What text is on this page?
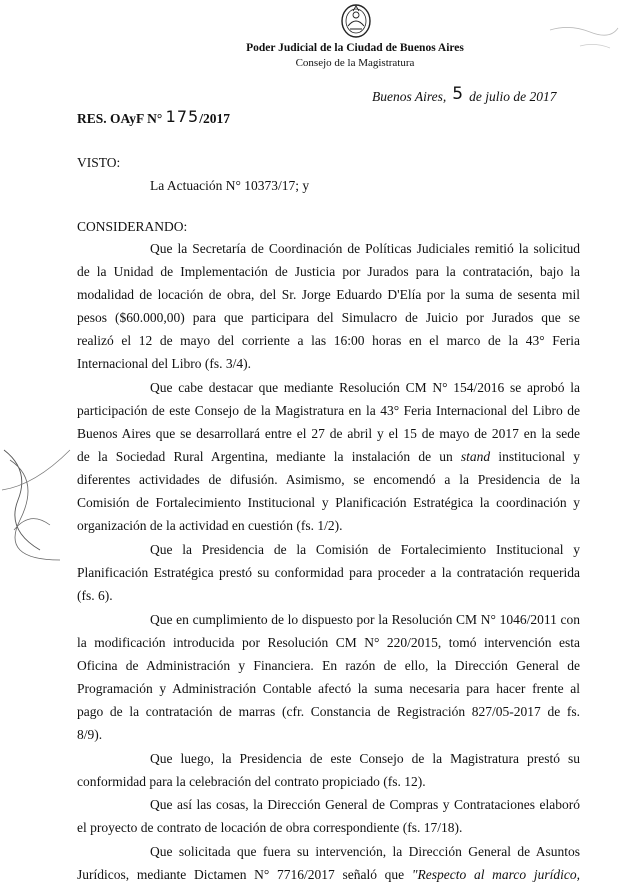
Poder Judicial de la Ciudad de Buenos Aires
Consejo de la Magistratura
Buenos Aires, 5 de julio de 2017
RES. OAyF N° 175/2017
VISTO:
La Actuación N° 10373/17; y
CONSIDERANDO:
Que la Secretaría de Coordinación de Políticas Judiciales remitió la solicitud
de la Unidad de Implementación de Justicia por Jurados para la contratación, bajo la
modalidad de locación de obra, del Sr. Jorge Eduardo D'Elía por la suma de sesenta mil
pesos ($60.000,00) para que participara del Simulacro de Juicio por Jurados que se
realizó el 12 de mayo del corriente a las 16:00 horas en el marco de la 43° Feria
Internacional del Libro (fs. 3/4).
Que cabe destacar que mediante Resolución CM N° 154/2016 se aprobó la
participación de este Consejo de la Magistratura en la 43° Feria Internacional del Libro de
Buenos Aires que se desarrollará entre el 27 de abril y el 15 de mayo de 2017 en la sede
de la Sociedad Rural Argentina, mediante la instalación de un stand institucional y
diferentes actividades de difusión. Asimismo, se encomendó a la Presidencia de la
Comisión de Fortalecimiento Institucional y Planificación Estratégica la coordinación y
organización de la actividad en cuestión (fs. 1/2).
Que la Presidencia de la Comisión de Fortalecimiento Institucional y
Planificación Estratégica prestó su conformidad para proceder a la contratación requerida
(fs. 6).
Que en cumplimiento de lo dispuesto por la Resolución CM N° 1046/2011 con
la modificación introducida por Resolución CM N° 220/2015, tomó intervención esta
Oficina de Administración y Financiera. En razón de ello, la Dirección General de
Programación y Administración Contable afectó la suma necesaria para hacer frente al
pago de la contratación de marras (cfr. Constancia de Registración 827/05-2017 de fs.
8/9).
Que luego, la Presidencia de este Consejo de la Magistratura prestó su
conformidad para la celebración del contrato propiciado (fs. 12).
Que así las cosas, la Dirección General de Compras y Contrataciones elaboró
el proyecto de contrato de locación de obra correspondiente (fs. 17/18).
Que solicitada que fuera su intervención, la Dirección General de Asuntos
Jurídicos, mediante Dictamen N° 7716/2017 señaló que "Respecto al marco jurídico,
